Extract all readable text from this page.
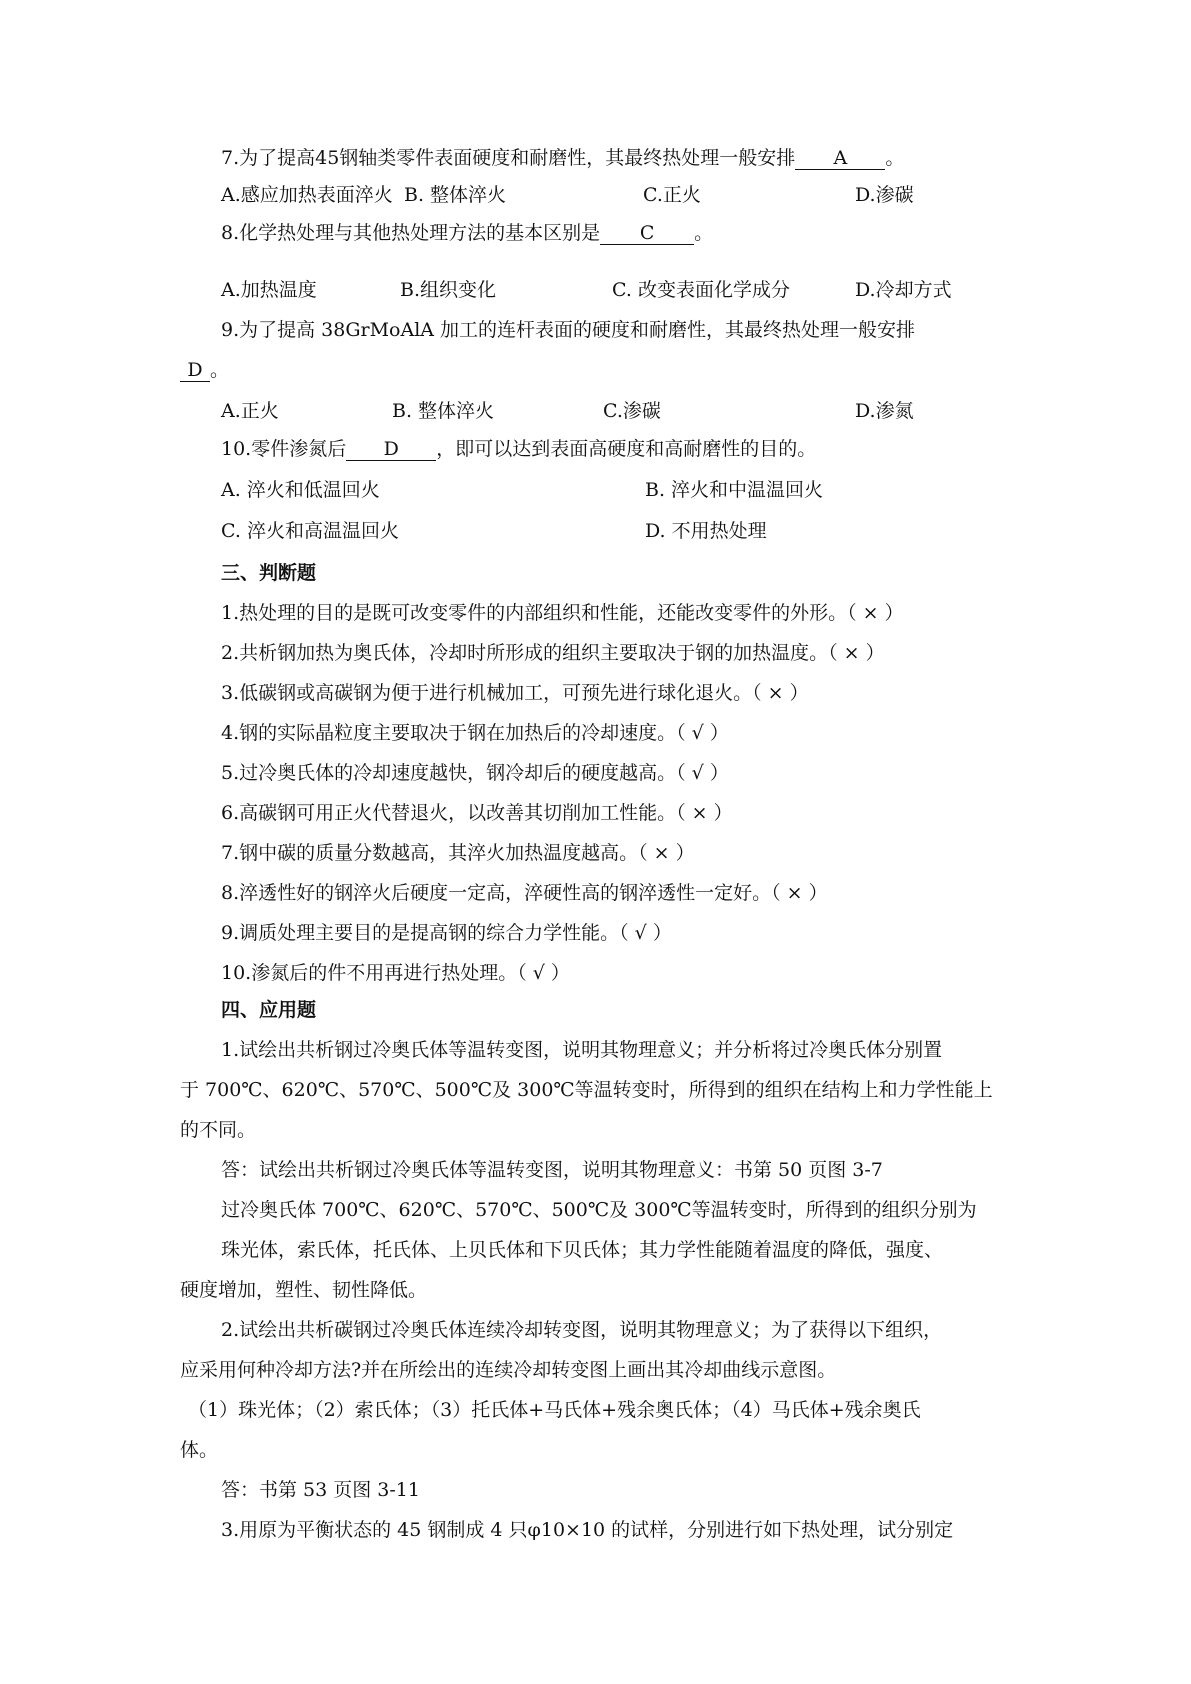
7.为了提高45钢轴类零件表面硬度和耐磨性，其最终热处理一般安排 A 。
A.感应加热表面淬火 B. 整体淬火	C.正火	D.渗碳
8.化学热处理与其他热处理方法的基本区别是 C 。
A.加热温度	B.组织变化	C. 改变表面化学成分	D.冷却方式
9.为了提高 38GrMoAlA 加工的连杆表面的硬度和耐磨性，其最终热处理一般安排
D 。
A.正火	B. 整体淬火	C.渗碳	D.渗氮
10.零件渗氮后 D ，即可以达到表面高硬度和高耐磨性的目的。
A. 淬火和低温回火	B. 淬火和中温温回火
C. 淬火和高温温回火	D. 不用热处理
三、判断题
1.热处理的目的是既可改变零件的内部组织和性能，还能改变零件的外形。（ × ）
2.共析钢加热为奥氏体，冷却时所形成的组织主要取决于钢的加热温度。（ × ）
3.低碳钢或高碳钢为便于进行机械加工，可预先进行球化退火。（ × ）
4.钢的实际晶粒度主要取决于钢在加热后的冷却速度。（ √ ）
5.过冷奥氏体的冷却速度越快，钢冷却后的硬度越高。（ √ ）
6.高碳钢可用正火代替退火，以改善其切削加工性能。（ × ）
7.钢中碳的质量分数越高，其淬火加热温度越高。（ × ）
8.淬透性好的钢淬火后硬度一定高，淬硬性高的钢淬透性一定好。（ × ）
9.调质处理主要目的是提高钢的综合力学性能。（ √ ）
10.渗氮后的件不用再进行热处理。（ √ ）
四、应用题
1.试绘出共析钢过冷奥氏体等温转变图，说明其物理意义；并分析将过冷奥氏体分别置
于 700℃、620℃、570℃、500℃及 300℃等温转变时，所得到的组织在结构上和力学性能上
的不同。
答：试绘出共析钢过冷奥氏体等温转变图，说明其物理意义：书第 50 页图 3-7
过冷奥氏体 700℃、620℃、570℃、500℃及 300℃等温转变时，所得到的组织分别为
珠光体，索氏体，托氏体、上贝氏体和下贝氏体；其力学性能随着温度的降低，强度、
硬度增加，塑性、韧性降低。
2.试绘出共析碳钢过冷奥氏体连续冷却转变图，说明其物理意义；为了获得以下组织，
应采用何种冷却方法?并在所绘出的连续冷却转变图上画出其冷却曲线示意图。
（1）珠光体；（2）索氏体；（3）托氏体+马氏体+残余奥氏体；（4）马氏体+残余奥氏
体。
答：书第 53 页图 3-11
3.用原为平衡状态的 45 钢制成 4 只φ10×10 的试样，分别进行如下热处理，试分别定
